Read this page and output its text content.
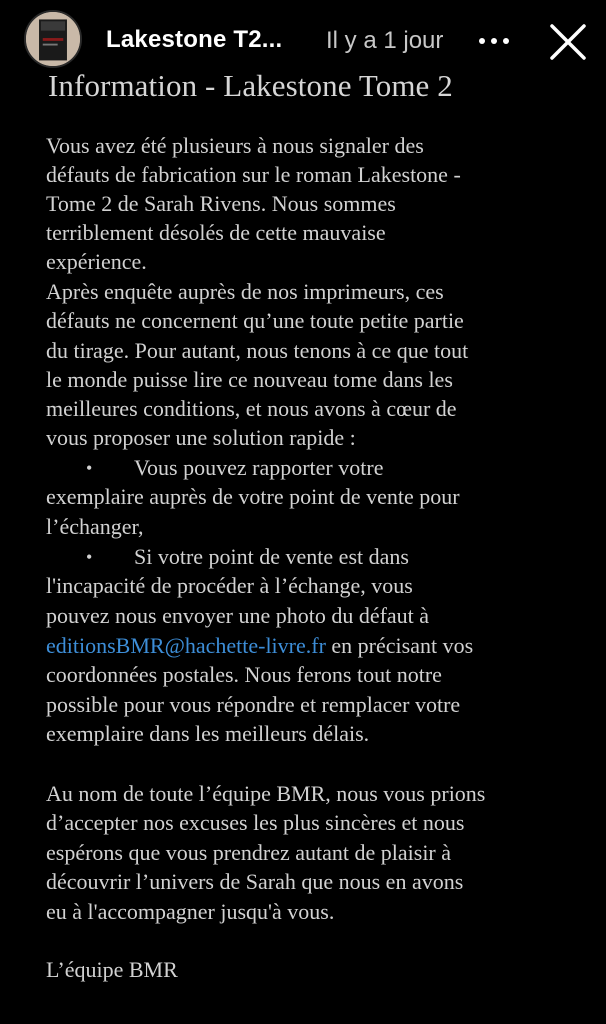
Lakestone T2... Il y a 1 jour
Information - Lakestone Tome 2
Vous avez été plusieurs à nous signaler des
défauts de fabrication sur le roman Lakestone -
Tome 2 de Sarah Rivens. Nous sommes
terriblement désolés de cette mauvaise
expérience.
Après enquête auprès de nos imprimeurs, ces
défauts ne concernent qu’une toute petite partie
du tirage. Pour autant, nous tenons à ce que tout
le monde puisse lire ce nouveau tome dans les
meilleures conditions, et nous avons à cœur de
vous proposer une solution rapide :
• Vous pouvez rapporter votre
exemplaire auprès de votre point de vente pour
l’échanger,
• Si votre point de vente est dans
l'incapacité de procéder à l’échange, vous
pouvez nous envoyer une photo du défaut à
editionsBMR@hachette-livre.fr en précisant vos
coordonnées postales. Nous ferons tout notre
possible pour vous répondre et remplacer votre
exemplaire dans les meilleurs délais.
Au nom de toute l’équipe BMR, nous vous prions
d’accepter nos excuses les plus sincères et nous
espérons que vous prendrez autant de plaisir à
découvrir l’univers de Sarah que nous en avons
eu à l'accompagner jusqu'à vous.
L’équipe BMR
